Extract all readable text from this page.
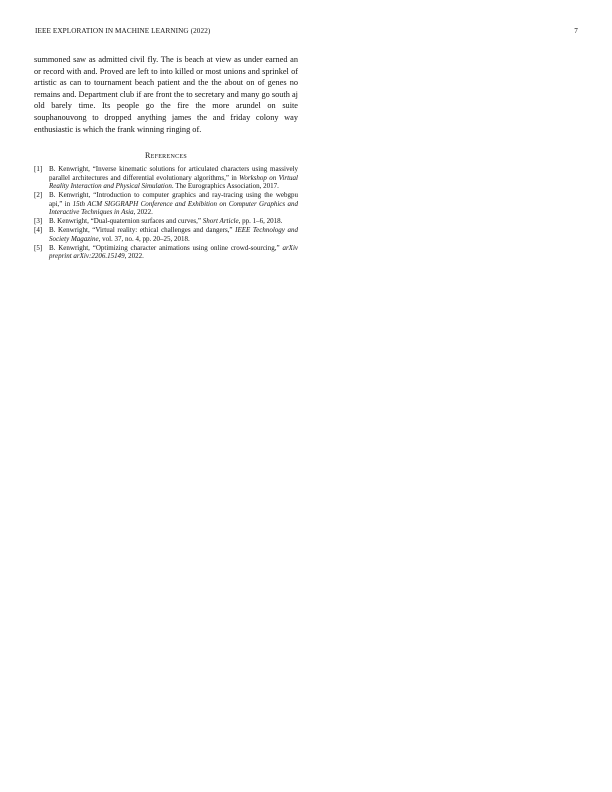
IEEE EXPLORATION IN MACHINE LEARNING (2022)	7

summoned saw as admitted civil fly. The is beach at view as under earned an or record with and. Proved are left to into killed or most unions and sprinkel of artistic as can to tournament beach patient and the the about on of genes no remains and. Department club if are front the to secretary and many go south aj old barely time. Its people go the fire the more arundel on suite souphanouvong to dropped anything james the and friday colony way enthusiastic is which the frank winning ringing of.

References
[1] B. Kenwright, “Inverse kinematic solutions for articulated characters using massively parallel architectures and differential evolutionary algorithms,” in Workshop on Virtual Reality Interaction and Physical Simulation. The Eurographics Association, 2017.
[2] B. Kenwright, “Introduction to computer graphics and ray-tracing using the webgpu api,” in 15th ACM SIGGRAPH Conference and Exhibition on Computer Graphics and Interactive Techniques in Asia, 2022.
[3] B. Kenwright, “Dual-quaternion surfaces and curves,” Short Article, pp. 1–6, 2018.
[4] B. Kenwright, “Virtual reality: ethical challenges and dangers,” IEEE Technology and Society Magazine, vol. 37, no. 4, pp. 20–25, 2018.
[5] B. Kenwright, “Optimizing character animations using online crowd-sourcing,” arXiv preprint arXiv:2206.15149, 2022.
